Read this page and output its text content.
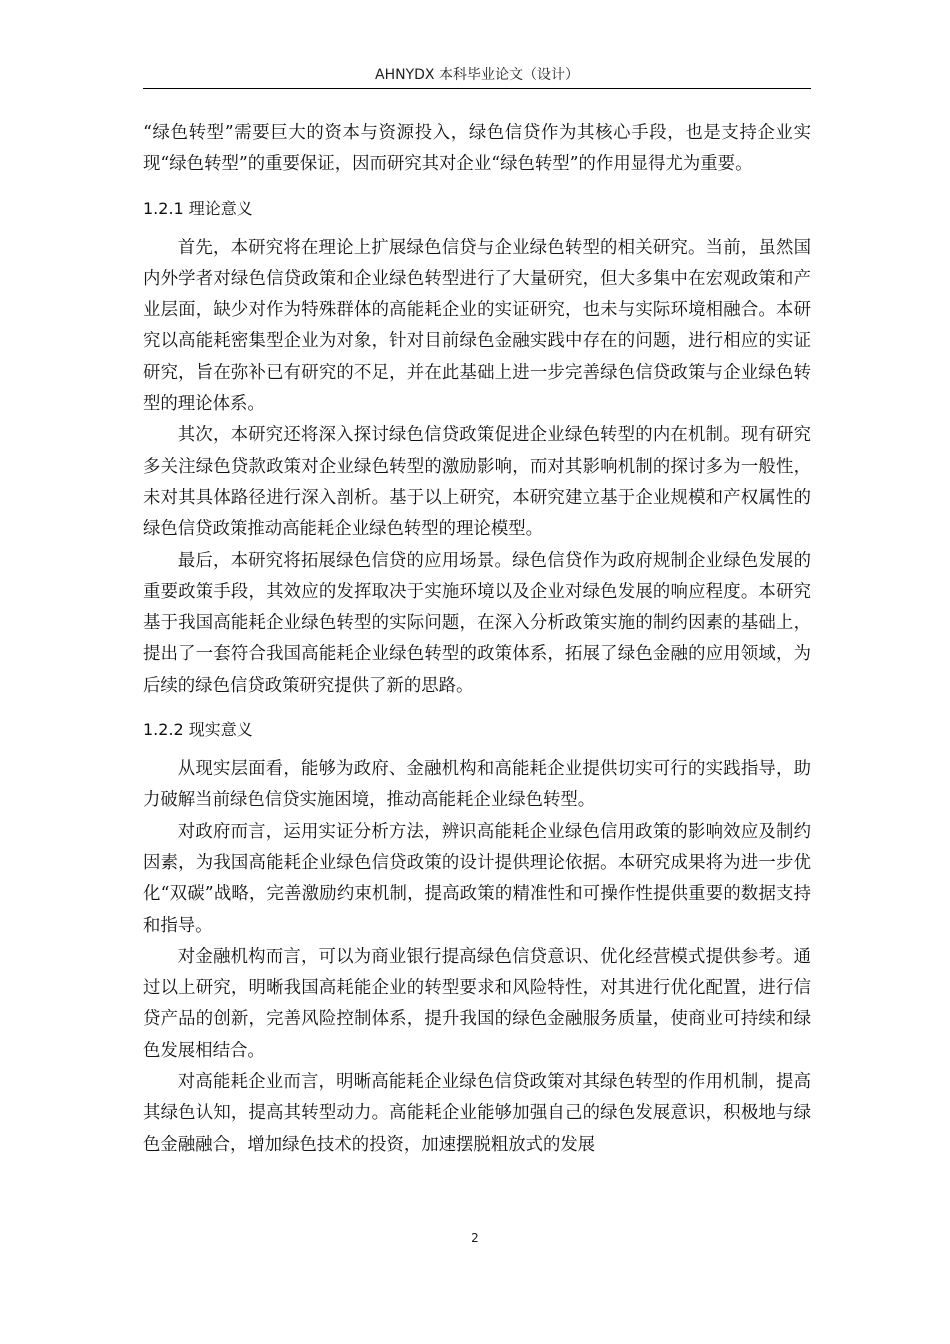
AHNYDX 本科毕业论文（设计）

“绿色转型”需要巨大的资本与资源投入，绿色信贷作为其核心手段，也是支持企业实现“绿色转型”的重要保证，因而研究其对企业“绿色转型”的作用显得尤为重要。

1.2.1 理论意义

首先，本研究将在理论上扩展绿色信贷与企业绿色转型的相关研究。当前，虽然国内外学者对绿色信贷政策和企业绿色转型进行了大量研究，但大多集中在宏观政策和产业层面，缺少对作为特殊群体的高能耗企业的实证研究，也未与实际环境相融合。本研究以高能耗密集型企业为对象，针对目前绿色金融实践中存在的问题，进行相应的实证研究，旨在弥补已有研究的不足，并在此基础上进一步完善绿色信贷政策与企业绿色转型的理论体系。

其次，本研究还将深入探讨绿色信贷政策促进企业绿色转型的内在机制。现有研究多关注绿色贷款政策对企业绿色转型的激励影响，而对其影响机制的探讨多为一般性，未对其具体路径进行深入剖析。基于以上研究，本研究建立基于企业规模和产权属性的绿色信贷政策推动高能耗企业绿色转型的理论模型。

最后，本研究将拓展绿色信贷的应用场景。绿色信贷作为政府规制企业绿色发展的重要政策手段，其效应的发挥取决于实施环境以及企业对绿色发展的响应程度。本研究基于我国高能耗企业绿色转型的实际问题，在深入分析政策实施的制约因素的基础上，提出了一套符合我国高能耗企业绿色转型的政策体系，拓展了绿色金融的应用领域，为后续的绿色信贷政策研究提供了新的思路。

1.2.2 现实意义

从现实层面看，能够为政府、金融机构和高能耗企业提供切实可行的实践指导，助力破解当前绿色信贷实施困境，推动高能耗企业绿色转型。

对政府而言，运用实证分析方法，辨识高能耗企业绿色信用政策的影响效应及制约因素，为我国高能耗企业绿色信贷政策的设计提供理论依据。本研究成果将为进一步优化“双碳”战略，完善激励约束机制，提高政策的精准性和可操作性提供重要的数据支持和指导。

对金融机构而言，可以为商业银行提高绿色信贷意识、优化经营模式提供参考。通过以上研究，明晰我国高耗能企业的转型要求和风险特性，对其进行优化配置，进行信贷产品的创新，完善风险控制体系，提升我国的绿色金融服务质量，使商业可持续和绿色发展相结合。

对高能耗企业而言，明晰高能耗企业绿色信贷政策对其绿色转型的作用机制，提高其绿色认知，提高其转型动力。高能耗企业能够加强自己的绿色发展意识，积极地与绿色金融融合，增加绿色技术的投资，加速摆脱粗放式的发展

2
